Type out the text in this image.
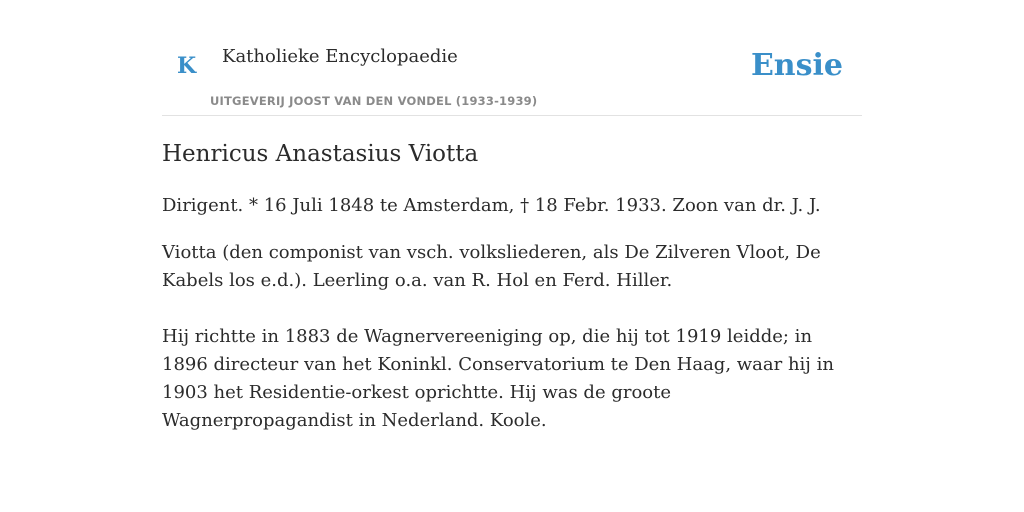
K Katholieke Encyclopaedie
UITGEVERIJ JOOST VAN DEN VONDEL (1933-1939)
Ensie
Henricus Anastasius Viotta

Dirigent. * 16 Juli 1848 te Amsterdam, † 18 Febr. 1933. Zoon van dr. J. J.

Viotta (den componist van vsch. volksliederen, als De Zilveren Vloot, De Kabels los e.d.). Leerling o.a. van R. Hol en Ferd. Hiller.

Hij richtte in 1883 de Wagnervereeniging op, die hij tot 1919 leidde; in 1896 directeur van het Koninkl. Conservatorium te Den Haag, waar hij in 1903 het Residentie-orkest oprichtte. Hij was de groote Wagnerpropagandist in Nederland. Koole.
